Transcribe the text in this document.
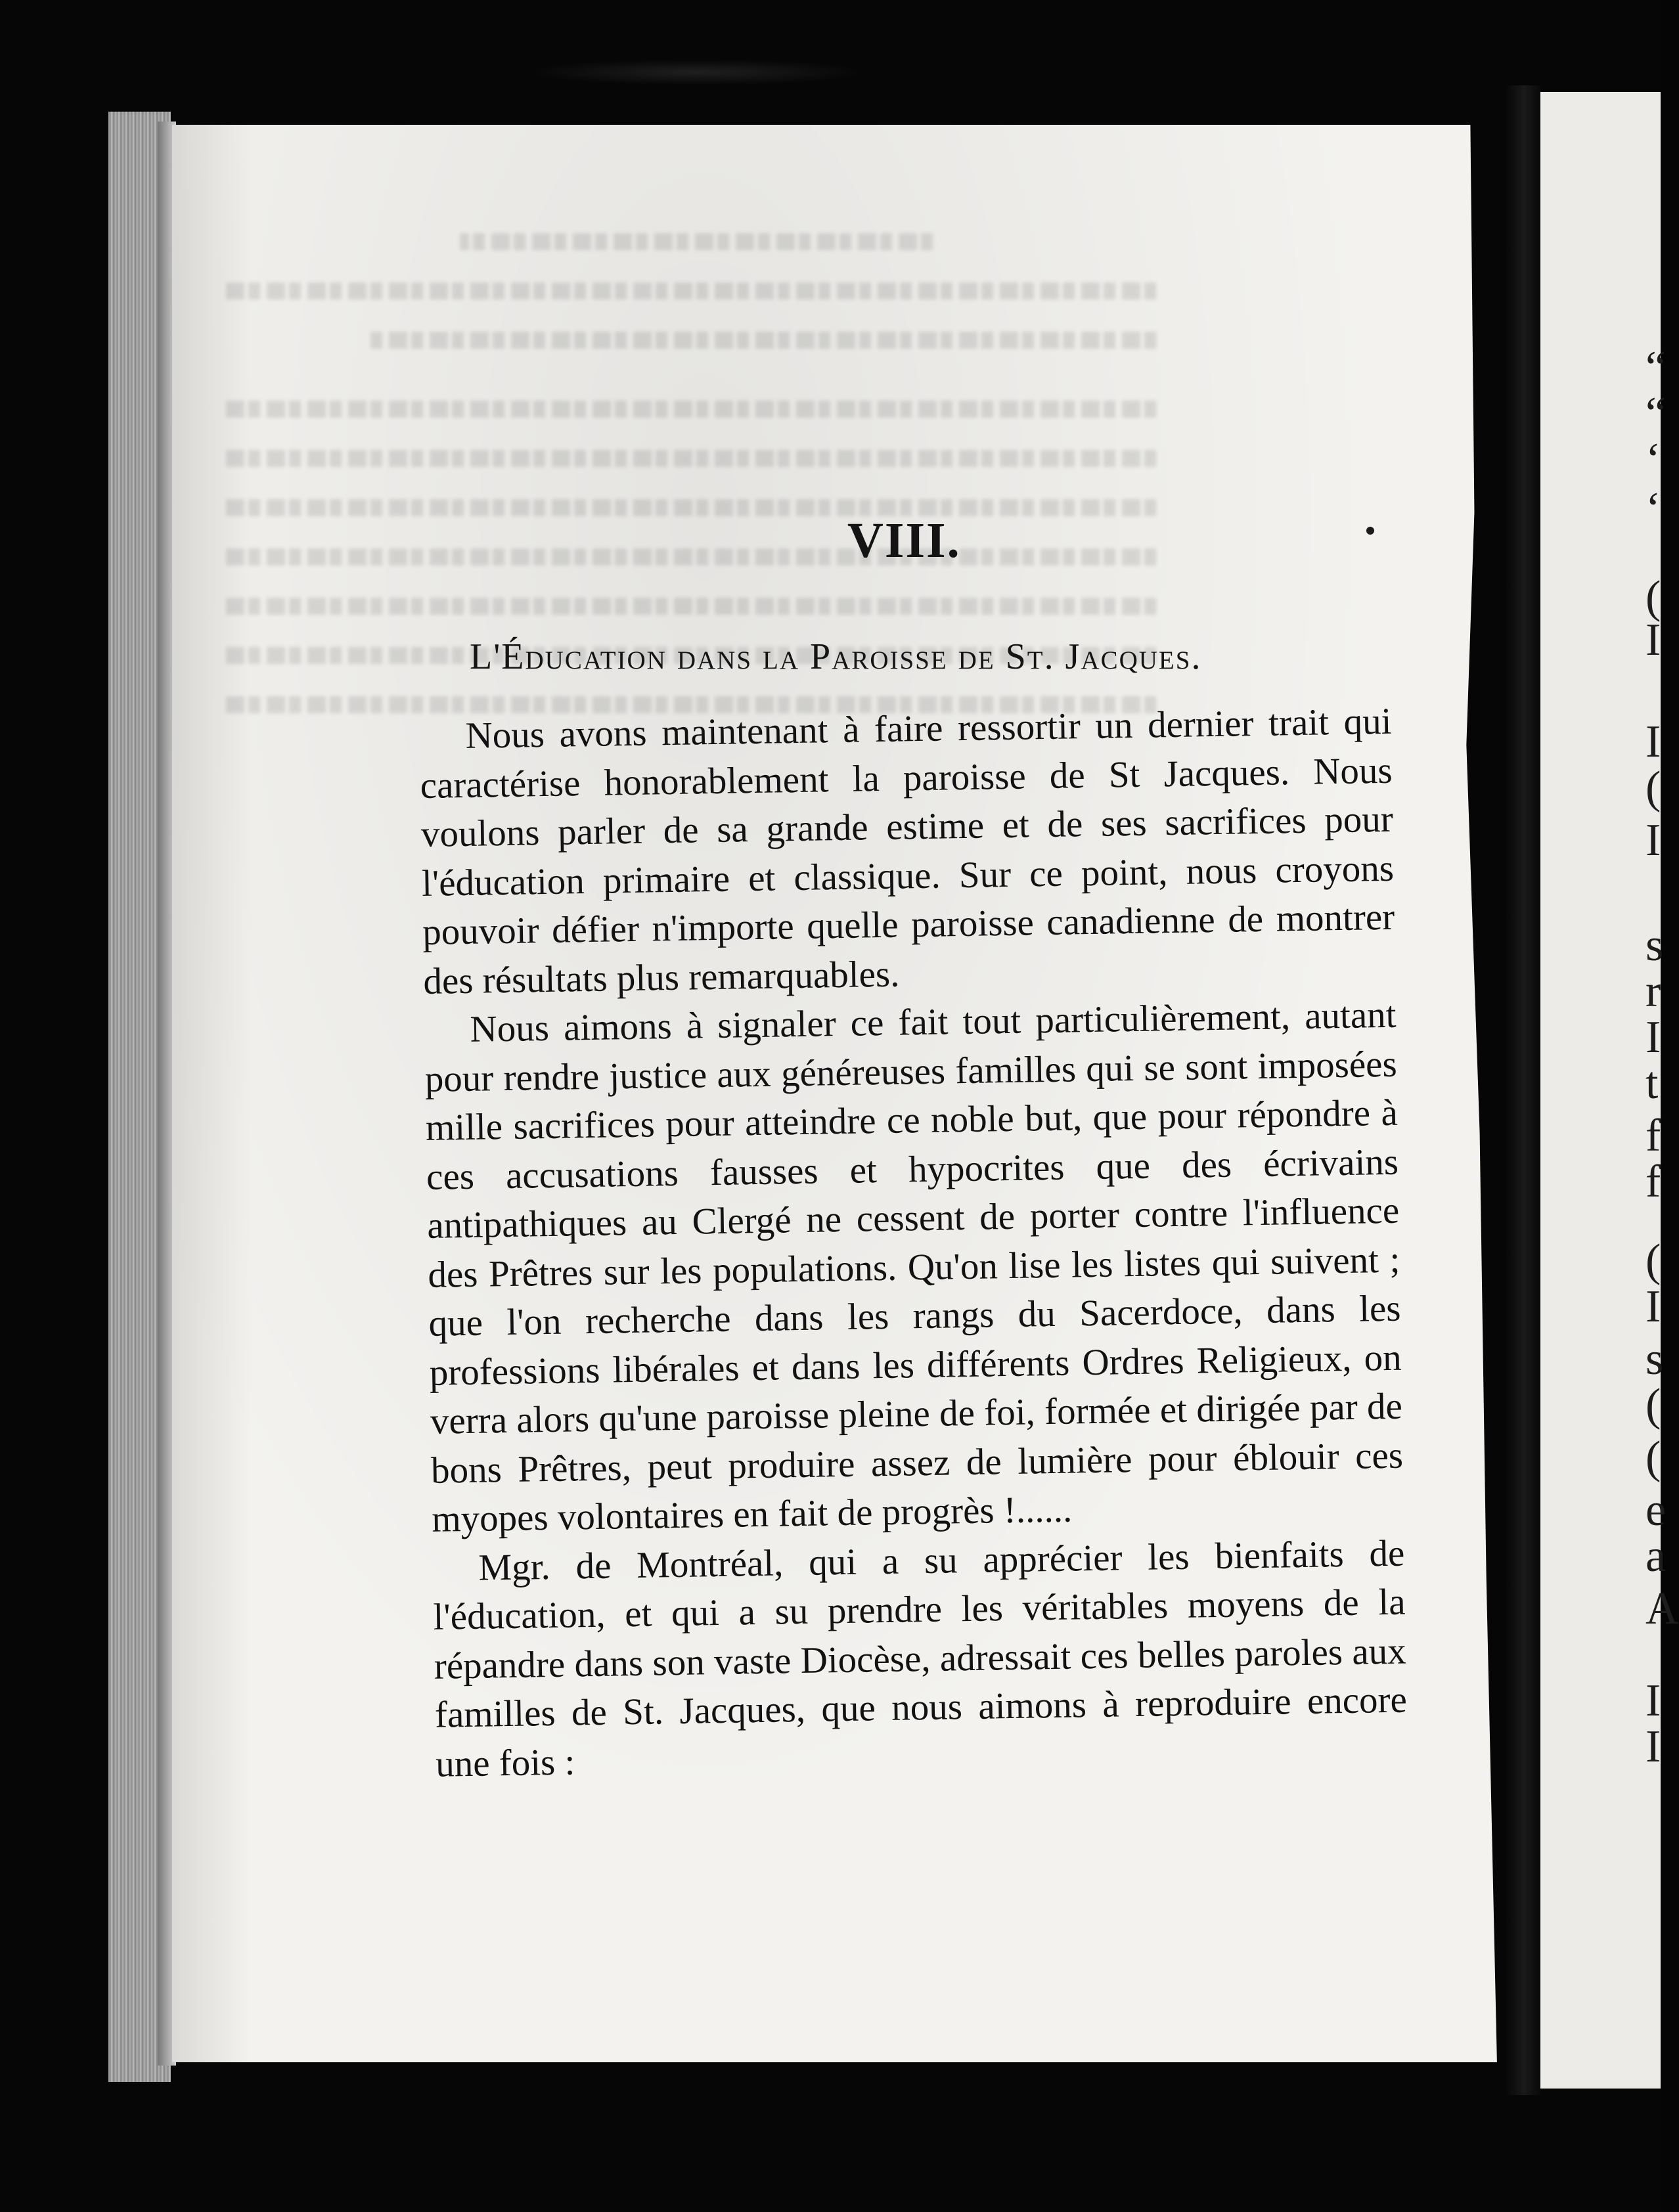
“
“
‘
‘
(
I
I
(
I
s
r
I
t
f
f
(
I
s
(
(
e
a
A
I
I
VIII.
L'Éducation dans la Paroisse de St. Jacques.

Nous avons maintenant à faire ressortir un dernier trait qui caractérise honorablement la paroisse de St Jacques. Nous voulons parler de sa grande estime et de ses sacrifices pour l'éducation primaire et classique. Sur ce point, nous croyons pouvoir défier n'importe quelle paroisse canadienne de montrer des résultats plus remarquables.

Nous aimons à signaler ce fait tout particulièrement, autant pour rendre justice aux généreuses familles qui se sont imposées mille sacrifices pour atteindre ce noble but, que pour répondre à ces accusations fausses et hypocrites que des écrivains antipathiques au Clergé ne cessent de porter contre l'influence des Prêtres sur les populations. Qu'on lise les listes qui suivent ; que l'on recherche dans les rangs du Sacerdoce, dans les professions libérales et dans les différents Ordres Religieux, on verra alors qu'une paroisse pleine de foi, formée et dirigée par de bons Prêtres, peut produire assez de lumière pour éblouir ces myopes volontaires en fait de progrès !......

Mgr. de Montréal, qui a su apprécier les bienfaits de l'éducation, et qui a su prendre les véritables moyens de la répandre dans son vaste Diocèse, adressait ces belles paroles aux familles de St. Jacques, que nous aimons à reproduire encore une fois :
